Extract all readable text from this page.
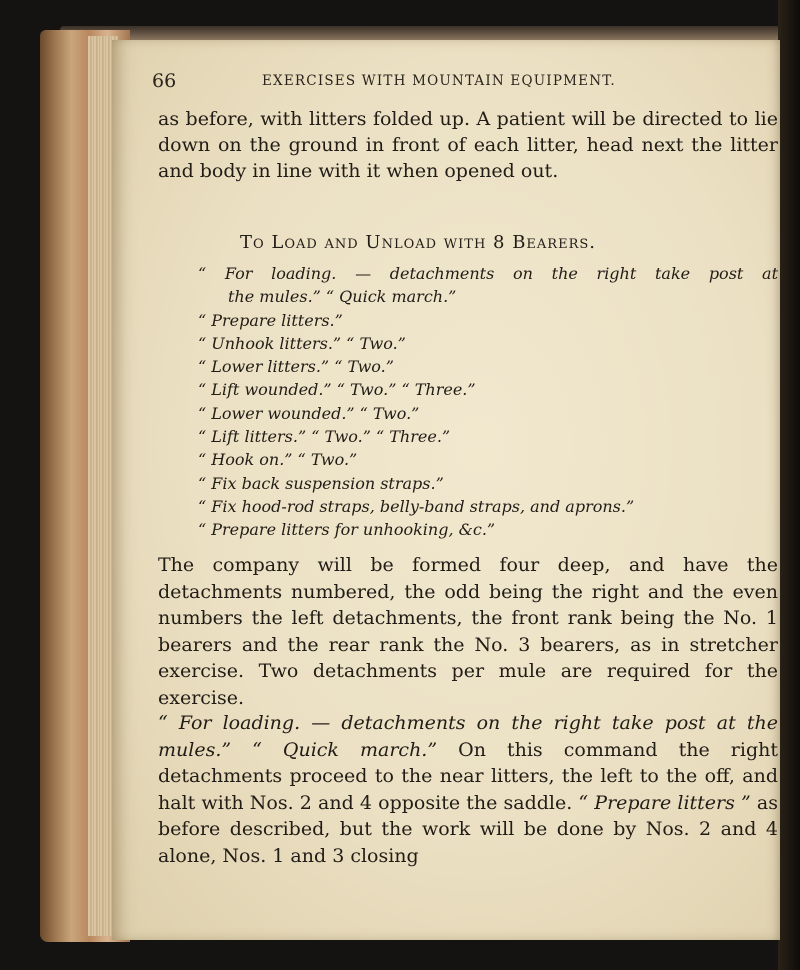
66	EXERCISES WITH MOUNTAIN EQUIPMENT.

as before, with litters folded up. A patient will be directed to lie down on the ground in front of each litter, head next the litter and body in line with it when opened out.

To Load and Unload with 8 Bearers.
“ For loading. — detachments on the right take post at
the mules.” “ Quick march.”
“ Prepare litters.”
“ Unhook litters.” “ Two.”
“ Lower litters.” “ Two.”
“ Lift wounded.” “ Two.” “ Three.”
“ Lower wounded.” “ Two.”
“ Lift litters.” “ Two.” “ Three.”
“ Hook on.” “ Two.”
“ Fix back suspension straps.”
“ Fix hood-rod straps, belly-band straps, and aprons.”
“ Prepare litters for unhooking, &c.”

The company will be formed four deep, and have the detachments numbered, the odd being the right and the even numbers the left detachments, the front rank being the No. 1 bearers and the rear rank the No. 3 bearers, as in stretcher exercise. Two detachments per mule are required for the exercise.

“ For loading. — detachments on the right take post at the mules.” “ Quick march.” On this command the right detachments proceed to the near litters, the left to the off, and halt with Nos. 2 and 4 opposite the saddle. “ Prepare litters ” as before described, but the work will be done by Nos. 2 and 4 alone, Nos. 1 and 3 closing
